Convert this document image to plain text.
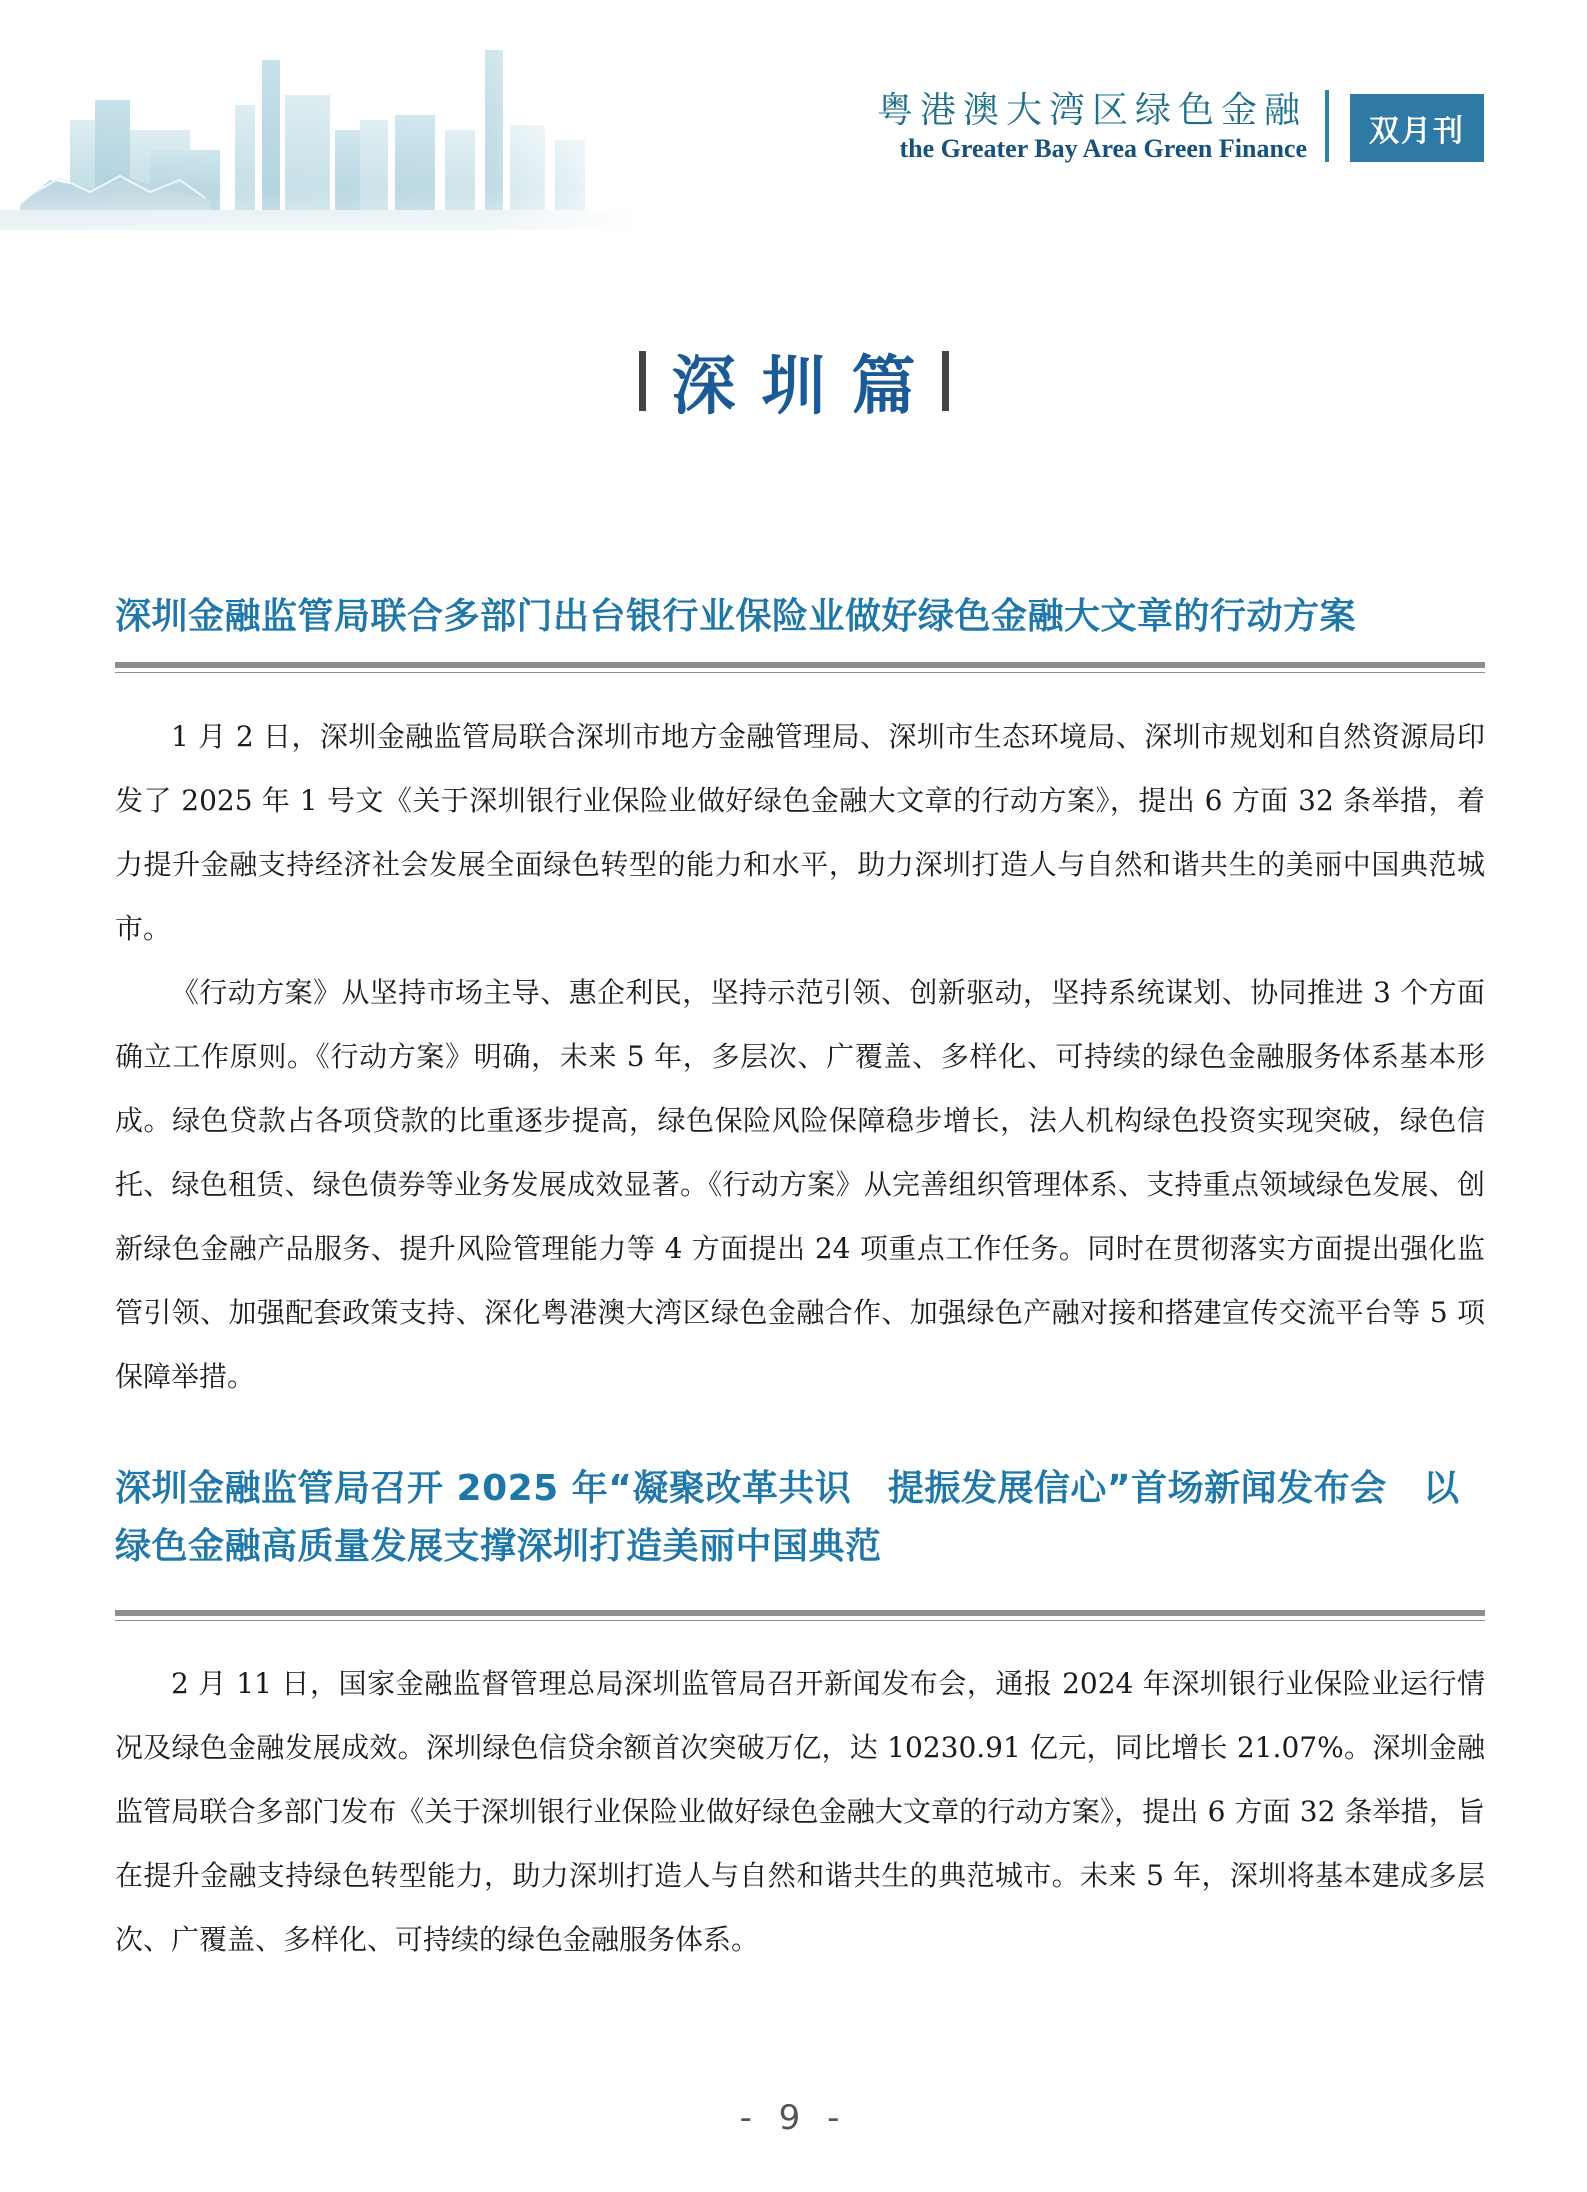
粤港澳大湾区绿色金融
the Greater Bay Area Green Finance	双月刊
深圳篇
深圳金融监管局联合多部门出台银行业保险业做好绿色金融大文章的行动方案

1 月 2 日，深圳金融监管局联合深圳市地方金融管理局、深圳市生态环境局、深圳市规划和自然资源局印发了 2025 年 1 号文《关于深圳银行业保险业做好绿色金融大文章的行动方案》，提出 6 方面 32 条举措，着力提升金融支持经济社会发展全面绿色转型的能力和水平，助力深圳打造人与自然和谐共生的美丽中国典范城市。

《行动方案》从坚持市场主导、惠企利民，坚持示范引领、创新驱动，坚持系统谋划、协同推进 3 个方面确立工作原则。《行动方案》明确，未来 5 年，多层次、广覆盖、多样化、可持续的绿色金融服务体系基本形成。绿色贷款占各项贷款的比重逐步提高，绿色保险风险保障稳步增长，法人机构绿色投资实现突破，绿色信托、绿色租赁、绿色债券等业务发展成效显著。《行动方案》从完善组织管理体系、支持重点领域绿色发展、创新绿色金融产品服务、提升风险管理能力等 4 方面提出 24 项重点工作任务。同时在贯彻落实方面提出强化监管引领、加强配套政策支持、深化粤港澳大湾区绿色金融合作、加强绿色产融对接和搭建宣传交流平台等 5 项保障举措。

深圳金融监管局召开 2025 年“凝聚改革共识　提振发展信心”首场新闻发布会　以绿色金融高质量发展支撑深圳打造美丽中国典范

2 月 11 日，国家金融监督管理总局深圳监管局召开新闻发布会，通报 2024 年深圳银行业保险业运行情况及绿色金融发展成效。深圳绿色信贷余额首次突破万亿，达 10230.91 亿元，同比增长 21.07%。深圳金融监管局联合多部门发布《关于深圳银行业保险业做好绿色金融大文章的行动方案》，提出 6 方面 32 条举措，旨在提升金融支持绿色转型能力，助力深圳打造人与自然和谐共生的典范城市。未来 5 年，深圳将基本建成多层次、广覆盖、多样化、可持续的绿色金融服务体系。

- 9 -
